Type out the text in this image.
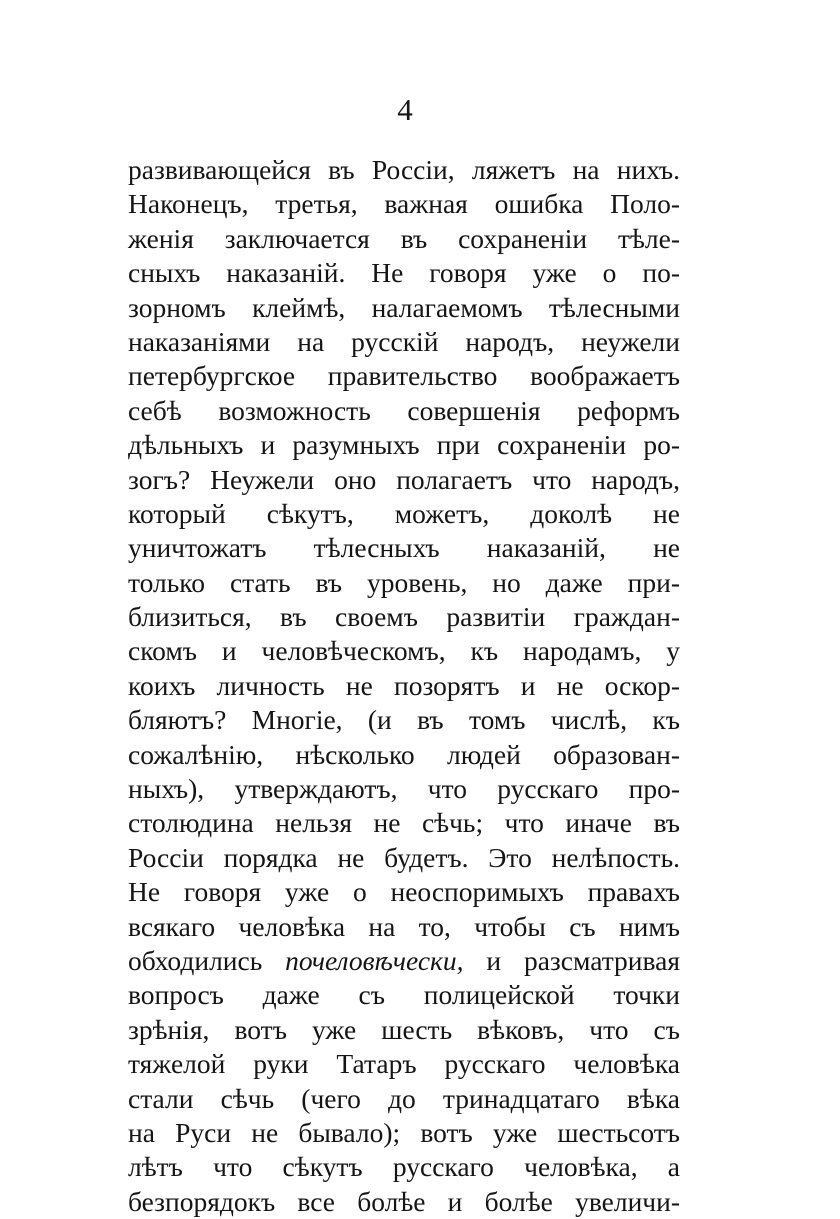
4
развивающейся въ Россіи, ляжетъ на нихъ.
Наконецъ, третья, важная ошибка Поло-
женія заключается въ сохраненіи тѣле-
сныхъ наказаній. Не говоря уже о по-
зорномъ клеймѣ, налагаемомъ тѣлесными
наказаніями на русскій народъ, неужели
петербургское правительство воображаетъ
себѣ возможность совершенія реформъ
дѣльныхъ и разумныхъ при сохраненіи ро-
зогъ? Неужели оно полагаетъ что народъ,
который сѣкутъ, можетъ, доколѣ не
уничтожатъ тѣлесныхъ наказаній, не
только стать въ уровень, но даже при-
близиться, въ своемъ развитіи граждан-
скомъ и человѣческомъ, къ народамъ, у
коихъ личность не позорятъ и не оскор-
бляютъ? Многіе, (и въ томъ числѣ, къ
сожалѣнію, нѣсколько людей образован-
ныхъ), утверждаютъ, что русскаго про-
столюдина нельзя не сѣчь; что иначе въ
Россіи порядка не будетъ. Это нелѣпость.
Не говоря уже о неоспоримыхъ правахъ
всякаго человѣка на то, чтобы съ нимъ
обходились почеловѣчески, и разсматривая
вопросъ даже съ полицейской точки
зрѣнія, вотъ уже шесть вѣковъ, что съ
тяжелой руки Татаръ русскаго человѣка
стали сѣчь (чего до тринадцатаго вѣка
на Руси не бывало); вотъ уже шестьсотъ
лѣтъ что сѣкутъ русскаго человѣка, а
безпорядокъ все болѣе и болѣе увеличи-
